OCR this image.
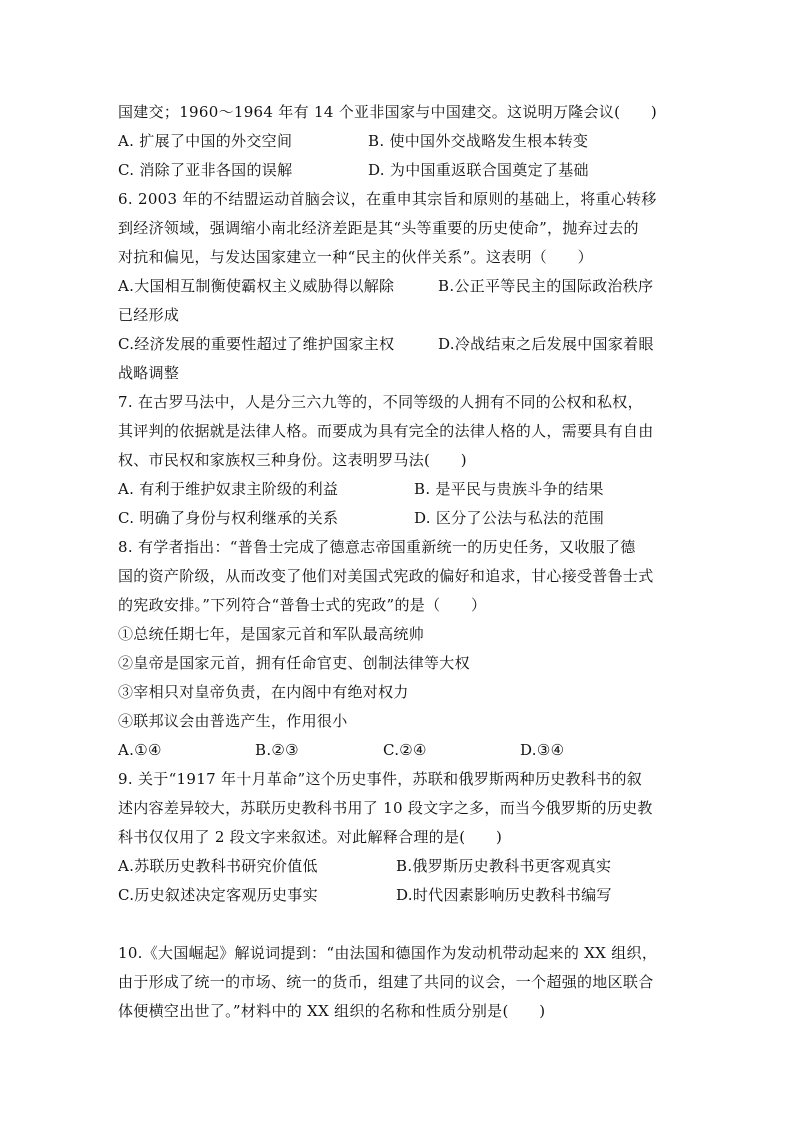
国建交；1960～1964 年有 14 个亚非国家与中国建交。这说明万隆会议(　　)
A. 扩展了中国的外交空间	B. 使中国外交战略发生根本转变
C. 消除了亚非各国的误解	D. 为中国重返联合国奠定了基础
6. 2003 年的不结盟运动首脑会议，在重申其宗旨和原则的基础上，将重心转移
到经济领域，强调缩小南北经济差距是其“头等重要的历史使命”，抛弃过去的
对抗和偏见，与发达国家建立一种“民主的伙伴关系”。这表明（　　）
A.大国相互制衡使霸权主义威胁得以解除	B.公正平等民主的国际政治秩序
已经形成
C.经济发展的重要性超过了维护国家主权	D.冷战结束之后发展中国家着眼
战略调整
7. 在古罗马法中，人是分三六九等的，不同等级的人拥有不同的公权和私权，
其评判的依据就是法律人格。而要成为具有完全的法律人格的人，需要具有自由
权、市民权和家族权三种身份。这表明罗马法(　　)
A. 有利于维护奴隶主阶级的利益	B. 是平民与贵族斗争的结果
C. 明确了身份与权利继承的关系	D. 区分了公法与私法的范围
8. 有学者指出：“普鲁士完成了德意志帝国重新统一的历史任务，又收服了德
国的资产阶级，从而改变了他们对美国式宪政的偏好和追求，甘心接受普鲁士式
的宪政安排。”下列符合“普鲁士式的宪政”的是（　　）
①总统任期七年，是国家元首和军队最高统帅
②皇帝是国家元首，拥有任命官吏、创制法律等大权
③宰相只对皇帝负责，在内阁中有绝对权力
④联邦议会由普选产生，作用很小
A.①④	B.②③	C.②④	D.③④
9. 关于“1917 年十月革命”这个历史事件，苏联和俄罗斯两种历史教科书的叙
述内容差异较大，苏联历史教科书用了 10 段文字之多，而当今俄罗斯的历史教
科书仅仅用了 2 段文字来叙述。对此解释合理的是(　　)
A.苏联历史教科书研究价值低	B.俄罗斯历史教科书更客观真实
C.历史叙述决定客观历史事实	D.时代因素影响历史教科书编写
10.《大国崛起》解说词提到：“由法国和德国作为发动机带动起来的 XX 组织，
由于形成了统一的市场、统一的货币，组建了共同的议会，一个超强的地区联合
体便横空出世了。”材料中的 XX 组织的名称和性质分别是(　　)
